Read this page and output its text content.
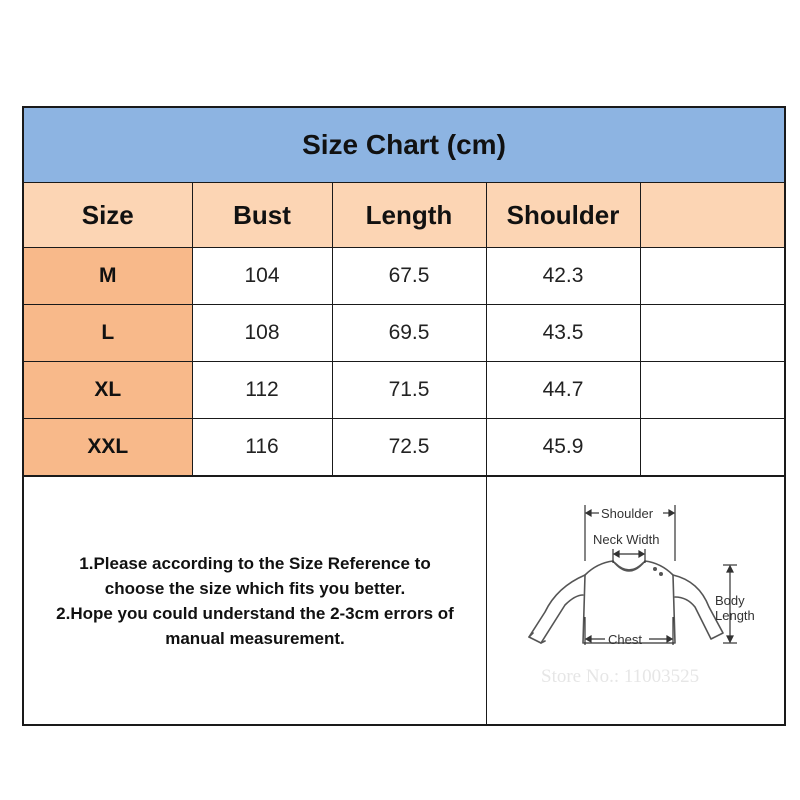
Size Chart (cm)
Size	Bust	Length	Shoulder	
M	104	67.5	42.3	
L	108	69.5	43.5	
XL	112	71.5	44.7	
XXL	116	72.5	45.9	
1.Please according to the Size Reference to
choose the size which fits you better.
2.Hope you could understand the 2-3cm errors of
manual measurement.
Shoulder
Neck Width
Chest
Body
Length
Store No.: 11003525
